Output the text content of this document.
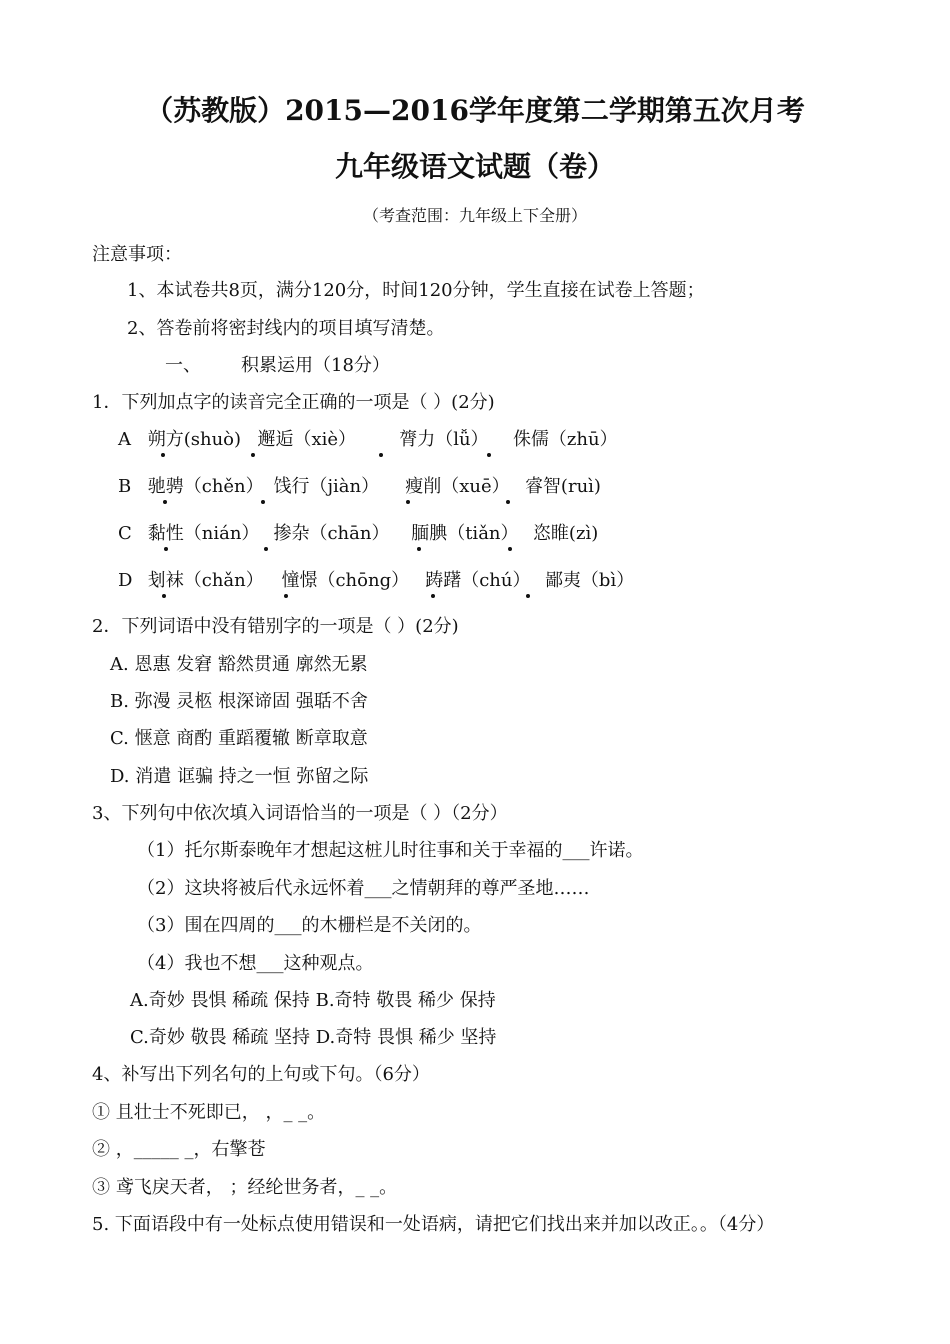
（苏教版）2015—2016学年度第二学期第五次月考
九年级语文试题（卷）
（考查范围：九年级上下全册）
注意事项：
1、本试卷共8页，满分120分，时间120分钟，学生直接在试卷上答题；
2、答卷前将密封线内的项目填写清楚。
一、 积累运用（18分）
1．下列加点字的读音完全正确的一项是（ ）(2分)
A 朔方(shuò) 邂逅（xiè） 膂力（lǚ） 侏儒（zhū）
B 驰骋（chěn） 饯行（jiàn） 瘦削（xuē） 睿智(ruì)
C 黏性（nián） 掺杂（chān） 腼腆（tiǎn） 恣睢(zì)
D 刬袜（chǎn） 憧憬（chōng） 踌躇（chú） 鄙夷（bì）
2．下列词语中没有错别字的一项是（ ）(2分)
A. 恩惠 发窘 豁然贯通 廓然无累
B. 弥漫 灵柩 根深谛固 强聒不舍
C. 惬意 商酌 重蹈覆辙 断章取意
D. 消遣 诓骗 持之一恒 弥留之际
3、下列句中依次填入词语恰当的一项是（ ）（2分）
（1）托尔斯泰晚年才想起这桩儿时往事和关于幸福的___许诺。
（2）这块将被后代永远怀着___之情朝拜的尊严圣地……
（3）围在四周的___的木栅栏是不关闭的。
（4）我也不想___这种观点。
A.奇妙 畏惧 稀疏 保持 B.奇特 敬畏 稀少 保持
C.奇妙 敬畏 稀疏 坚持 D.奇特 畏惧 稀少 坚持
4、补写出下列名句的上句或下句。（6分）
① 且壮士不死即已， ，_ _。
② ，_____ _，右擎苍
③ 鸢飞戾天者， ；经纶世务者，_ _。
5. 下面语段中有一处标点使用错误和一处语病，请把它们找出来并加以改正。。（4分）
